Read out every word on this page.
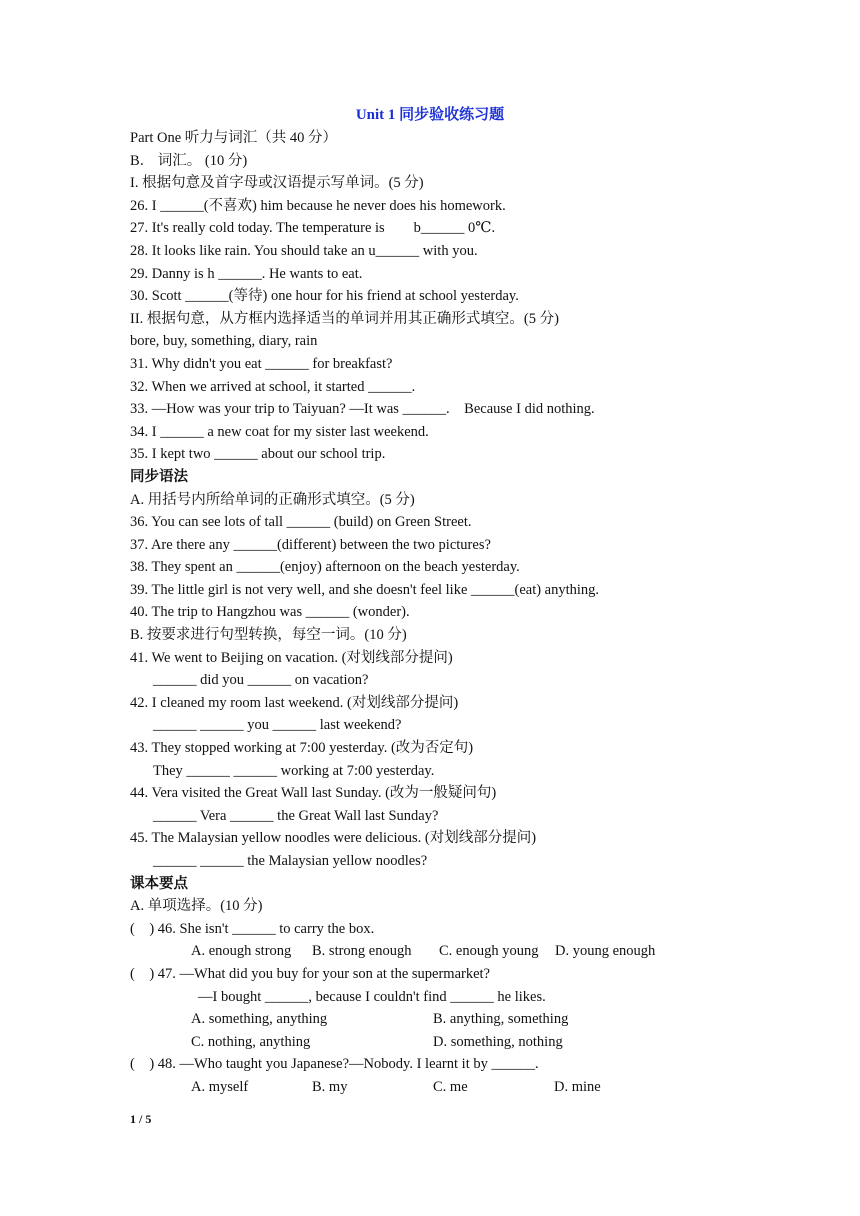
Unit 1 同步验收练习题
Part One 听力与词汇（共 40 分）
B． 词汇。 (10 分)
I. 根据句意及首字母或汉语提示写单词。(5 分)
26. I ______(不喜欢) him because he never does his homework.
27. It's really cold today. The temperature is        b______ 0℃.
28. It looks like rain. You should take an u______ with you.
29. Danny is h ______. He wants to eat.
30. Scott ______(等待) one hour for his friend at school yesterday.
II. 根据句意，从方框内选择适当的单词并用其正确形式填空。(5 分)
bore, buy, something, diary, rain
31. Why didn't you eat ______ for breakfast?
32. When we arrived at school, it started ______.
33. —How was your trip to Taiyuan? —It was ______.    Because I did nothing.
34. I ______ a new coat for my sister last weekend.
35. I kept two ______ about our school trip.
同步语法
A. 用括号内所给单词的正确形式填空。(5 分)
36. You can see lots of tall ______ (build) on Green Street.
37. Are there any ______(different) between the two pictures?
38. They spent an ______(enjoy) afternoon on the beach yesterday.
39. The little girl is not very well, and she doesn't feel like ______(eat) anything.
40. The trip to Hangzhou was ______ (wonder).
B. 按要求进行句型转换，每空一词。(10 分)
41. We went to Beijing on vacation. (对划线部分提问)
______ did you ______ on vacation?
42. I cleaned my room last weekend. (对划线部分提问)
______ ______ you ______ last weekend?
43. They stopped working at 7:00 yesterday. (改为否定句)
They ______ ______ working at 7:00 yesterday.
44. Vera visited the Great Wall last Sunday. (改为一般疑问句)
______ Vera ______ the Great Wall last Sunday?
45. The Malaysian yellow noodles were delicious. (对划线部分提问)
______ ______ the Malaysian yellow noodles?
课本要点
A. 单项选择。(10 分)
(    ) 46. She isn't ______ to carry the box.
A. enough strong B. strong enough C. enough young D. young enough
(    ) 47. —What did you buy for your son at the supermarket?
—I bought ______, because I couldn't find ______ he likes.
A. something, anything	B. anything, something
C. nothing, anything	D. something, nothing
(    ) 48. —Who taught you Japanese?—Nobody. I learnt it by ______.
A. myself	B. my	C. me	D. mine
1 / 5
